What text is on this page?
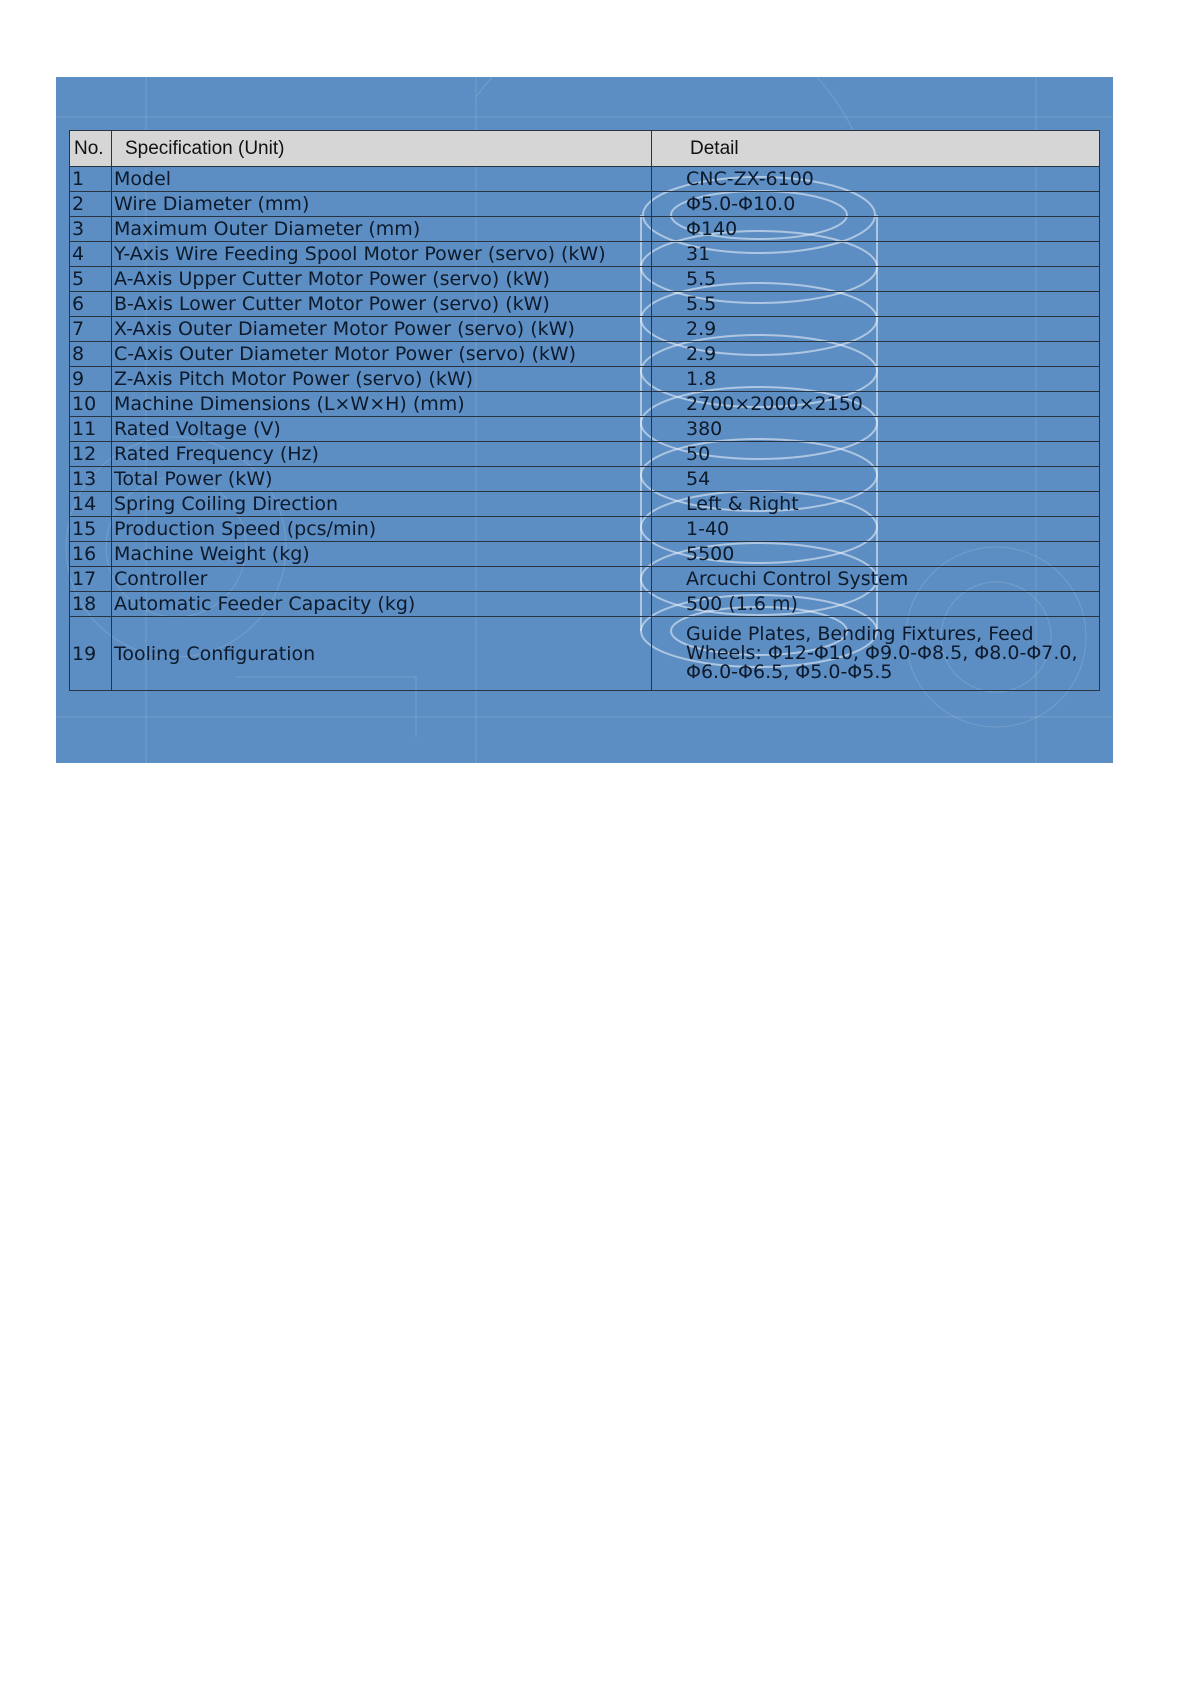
No.	Specification (Unit)	Detail
1	Model	CNC-ZX-6100
2	Wire Diameter (mm)	Φ5.0-Φ10.0
3	Maximum Outer Diameter (mm)	Φ140
4	Y-Axis Wire Feeding Spool Motor Power (servo) (kW)	31
5	A-Axis Upper Cutter Motor Power (servo) (kW)	5.5
6	B-Axis Lower Cutter Motor Power (servo) (kW)	5.5
7	X-Axis Outer Diameter Motor Power (servo) (kW)	2.9
8	C-Axis Outer Diameter Motor Power (servo) (kW)	2.9
9	Z-Axis Pitch Motor Power (servo) (kW)	1.8
10	Machine Dimensions (L×W×H) (mm)	2700×2000×2150
11	Rated Voltage (V)	380
12	Rated Frequency (Hz)	50
13	Total Power (kW)	54
14	Spring Coiling Direction	Left & Right
15	Production Speed (pcs/min)	1-40
16	Machine Weight (kg)	5500
17	Controller	Arcuchi Control System
18	Automatic Feeder Capacity (kg)	500 (1.6 m)
19	Tooling Configuration	Guide Plates, Bending Fixtures, Feed Wheels: Φ12-Φ10, Φ9.0-Φ8.5, Φ8.0-Φ7.0, Φ6.0-Φ6.5, Φ5.0-Φ5.5
